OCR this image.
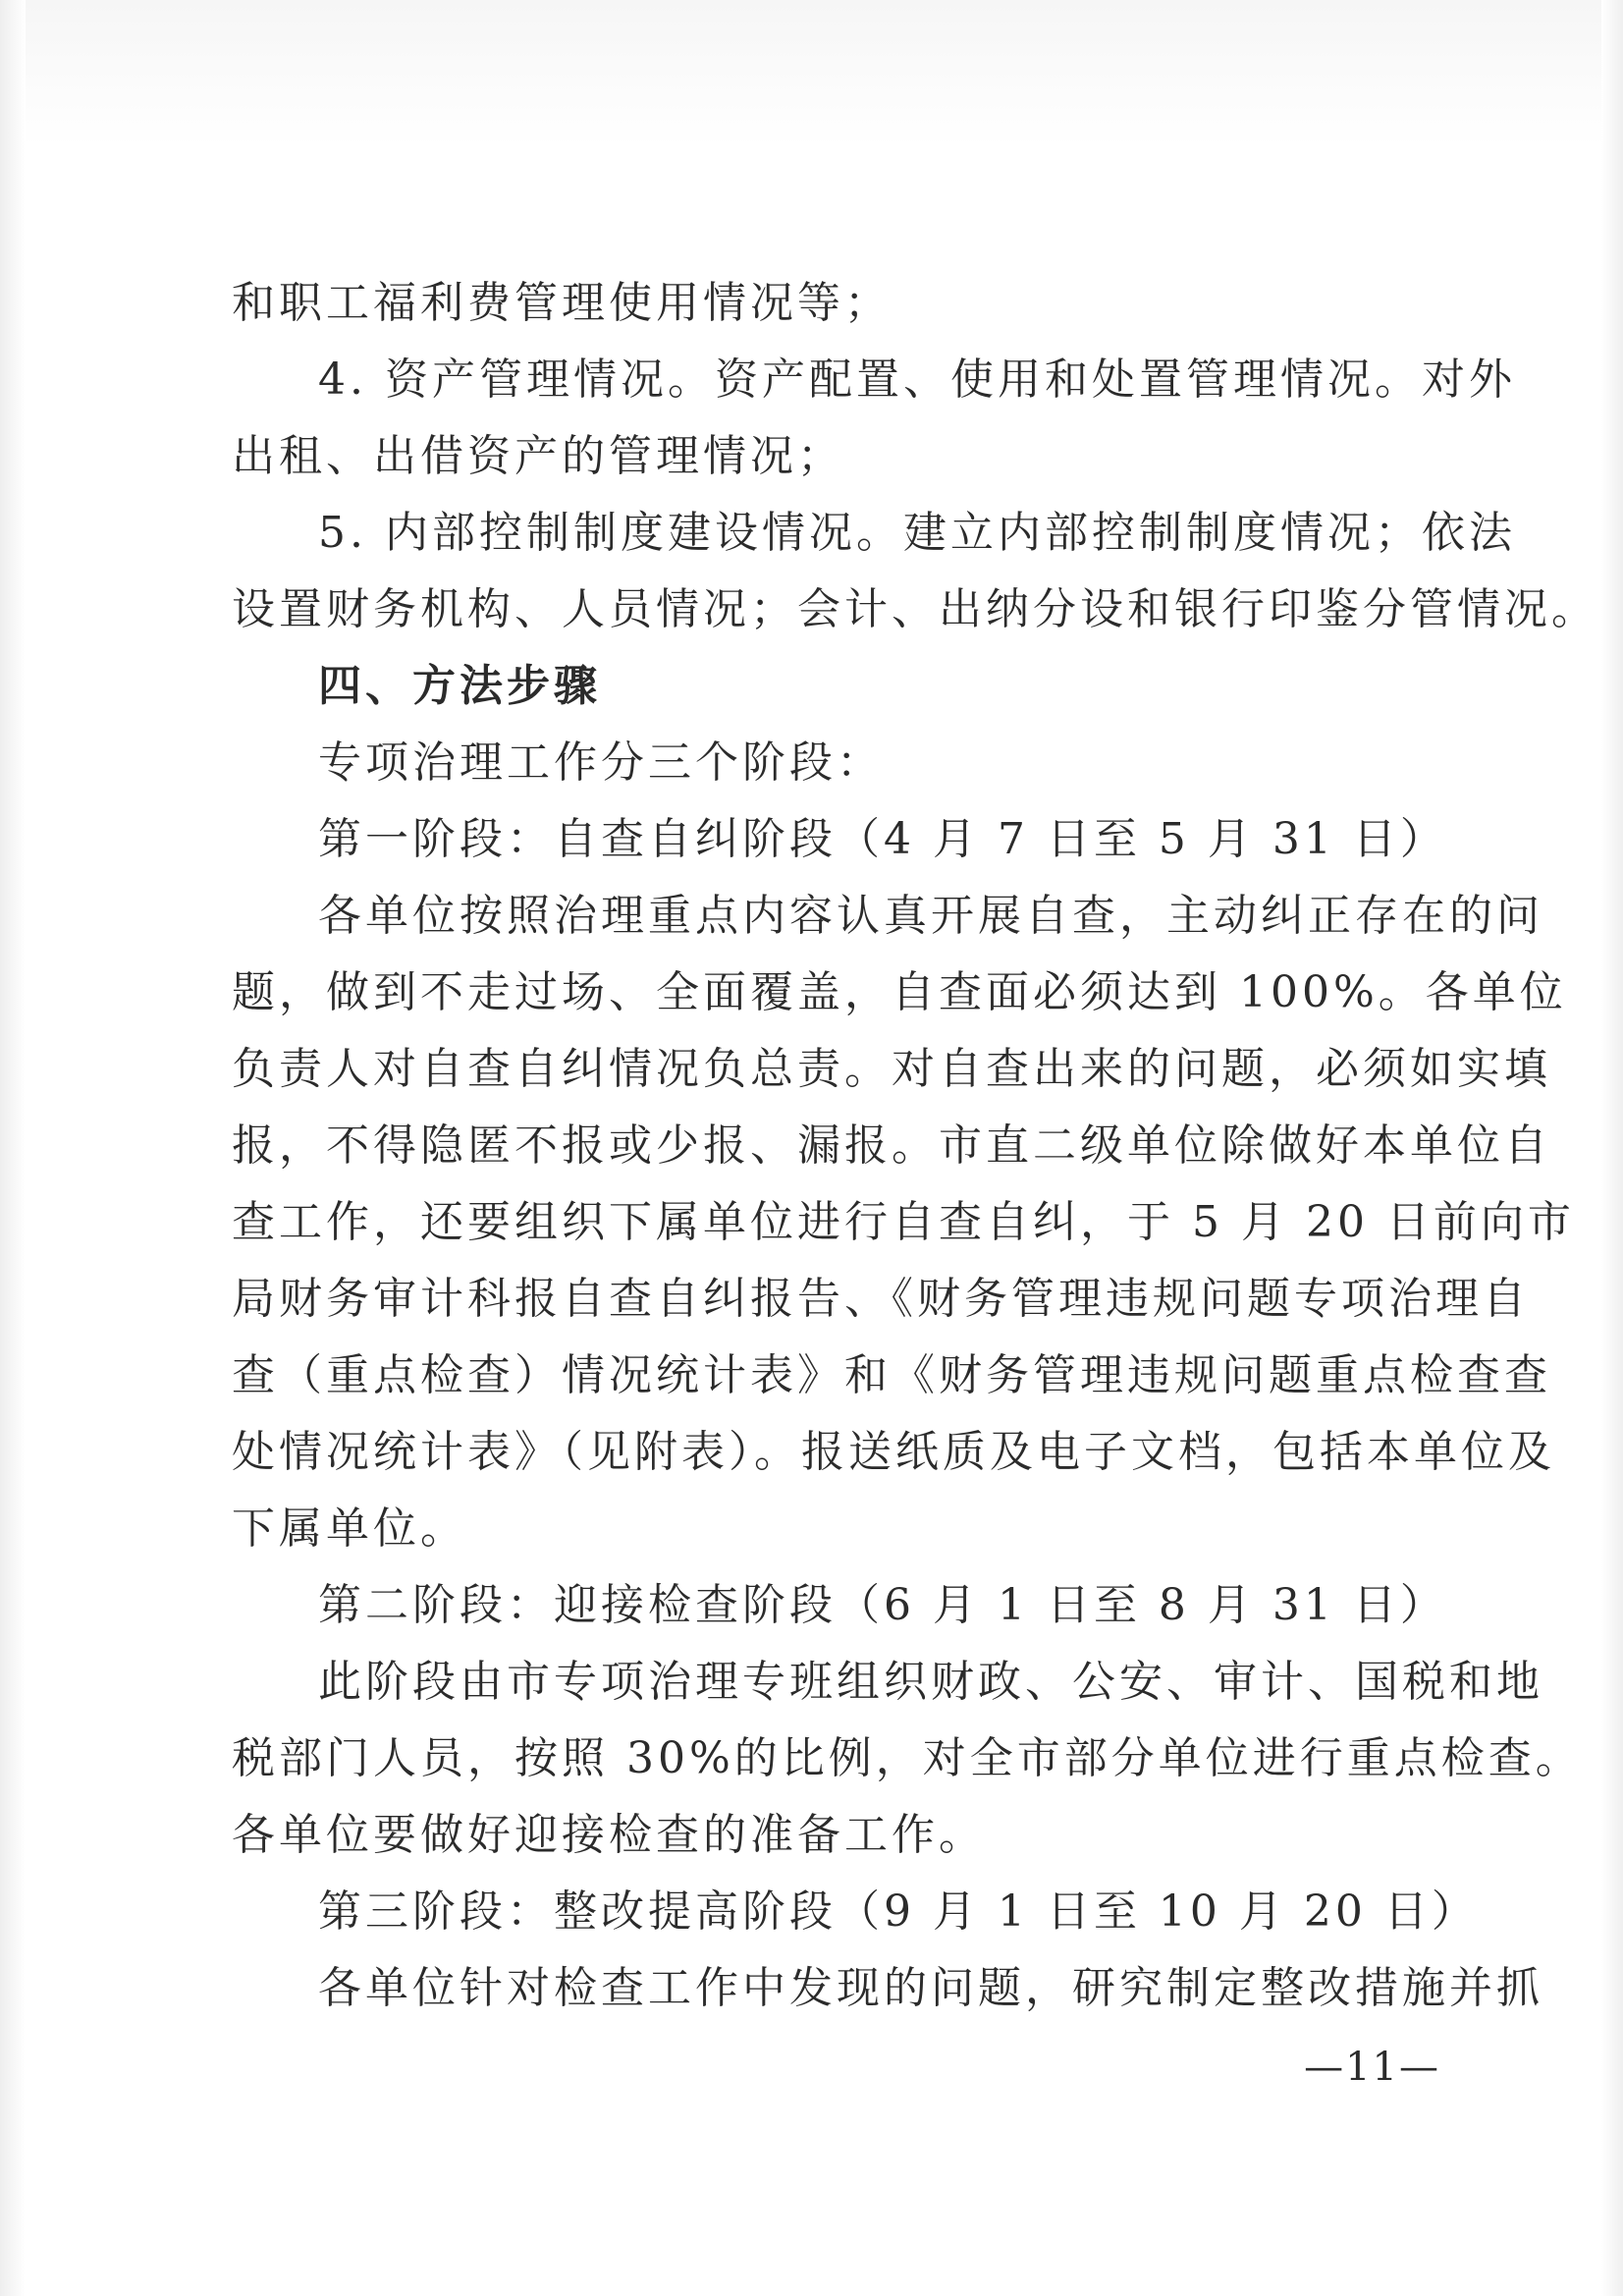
和职工福利费管理使用情况等；
4. 资产管理情况。资产配置、使用和处置管理情况。对外
出租、出借资产的管理情况；
5. 内部控制制度建设情况。建立内部控制制度情况；依法
设置财务机构、人员情况；会计、出纳分设和银行印鉴分管情况。
四、方法步骤
专项治理工作分三个阶段：
第一阶段：自查自纠阶段（4 月 7 日至 5 月 31 日）
各单位按照治理重点内容认真开展自查，主动纠正存在的问
题，做到不走过场、全面覆盖，自查面必须达到 100%。各单位
负责人对自查自纠情况负总责。对自查出来的问题，必须如实填
报，不得隐匿不报或少报、漏报。市直二级单位除做好本单位自
查工作，还要组织下属单位进行自查自纠，于 5 月 20 日前向市
局财务审计科报自查自纠报告、《财务管理违规问题专项治理自
查（重点检查）情况统计表》和《财务管理违规问题重点检查查
处情况统计表》（见附表）。报送纸质及电子文档，包括本单位及
下属单位。
第二阶段：迎接检查阶段（6 月 1 日至 8 月 31 日）
此阶段由市专项治理专班组织财政、公安、审计、国税和地
税部门人员，按照 30%的比例，对全市部分单位进行重点检查。
各单位要做好迎接检查的准备工作。
第三阶段：整改提高阶段（9 月 1 日至 10 月 20 日）
各单位针对检查工作中发现的问题，研究制定整改措施并抓
—11—
